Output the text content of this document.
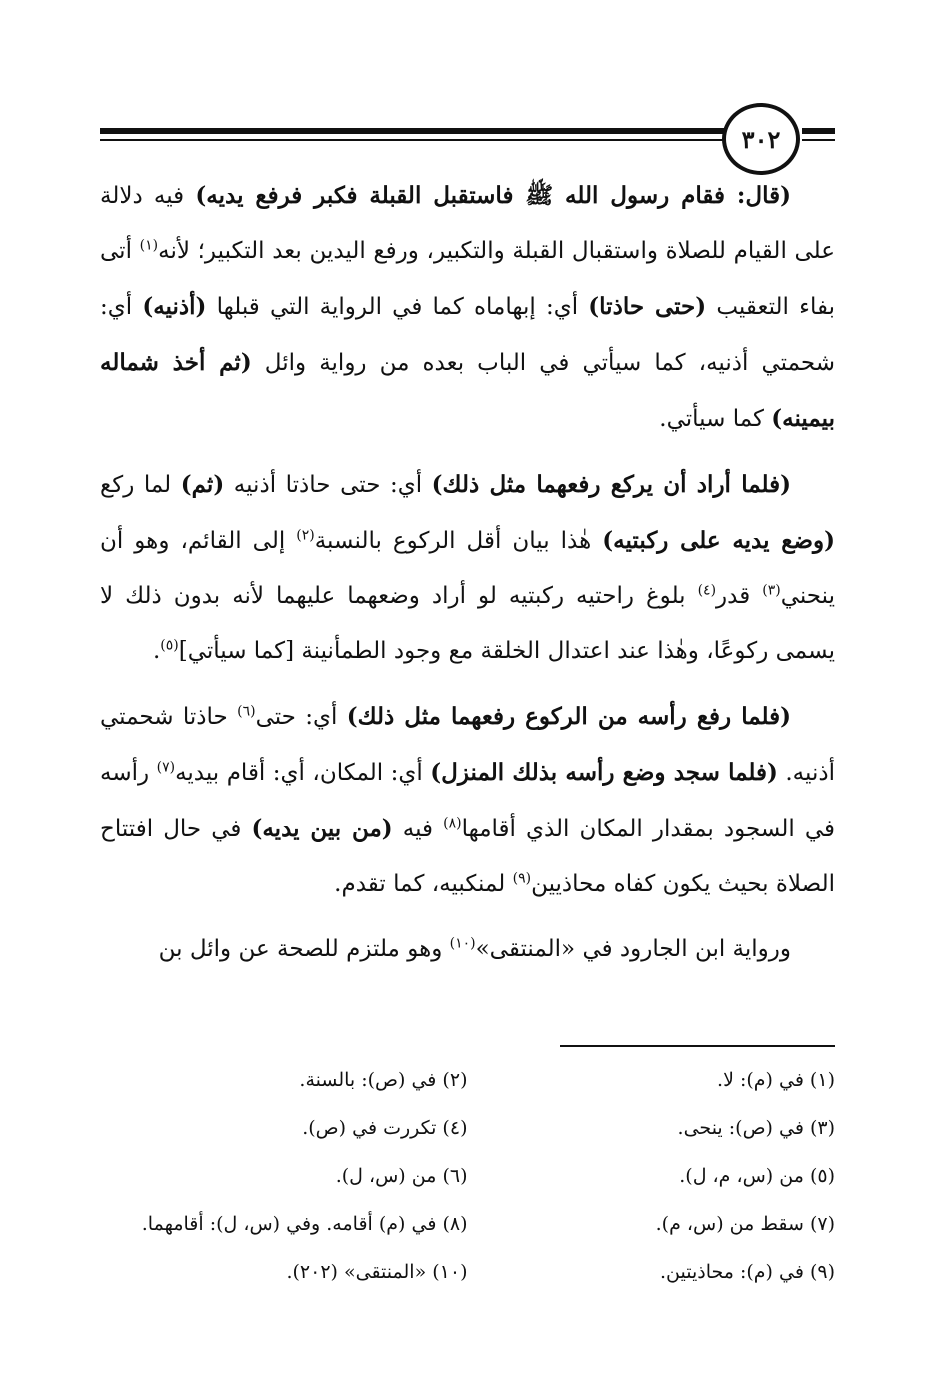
٣٠٢

(قال: فقام رسول الله ﷺ فاستقبل القبلة فكبر فرفع يديه) فيه دلالة على القيام للصلاة واستقبال القبلة والتكبير، ورفع اليدين بعد التكبير؛ لأنه$^{(١)}$ أتى بفاء التعقيب (حتى حاذتا) أي: إبهاماه كما في الرواية التي قبلها (أذنيه) أي: شحمتي أذنيه، كما سيأتي في الباب بعده من رواية وائل (ثم أخذ شماله بيمينه) كما سيأتي.

(فلما أراد أن يركع رفعهما مثل ذلك) أي: حتى حاذتا أذنيه (ثم) لما ركع (وضع يديه على ركبتيه) هٰذا بيان أقل الركوع بالنسبة$^{(٢)}$ إلى القائم، وهو أن ينحني$^{(٣)}$ قدر$^{(٤)}$ بلوغ راحتيه ركبتيه لو أراد وضعهما عليهما لأنه بدون ذلك لا يسمى ركوعًا، وهٰذا عند اعتدال الخلقة مع وجود الطمأنينة [كما سيأتي]$^{(٥)}$.

(فلما رفع رأسه من الركوع رفعهما مثل ذلك) أي: حتى$^{(٦)}$ حاذتا شحمتي أذنيه. (فلما سجد وضع رأسه بذلك المنزل) أي: المكان، أي: أقام بيديه$^{(٧)}$ رأسه في السجود بمقدار المكان الذي أقامها$^{(٨)}$ فيه (من بين يديه) في حال افتتاح الصلاة بحيث يكون كفاه محاذيين$^{(٩)}$ لمنكبيه، كما تقدم.

ورواية ابن الجارود في «المنتقى»$^{(١٠)}$ وهو ملتزم للصحة عن وائل بن

(١) في (م): لا.
(٢) في (ص): بالسنة.
(٣) في (ص): ينحى.
(٤) تكررت في (ص).
(٥) من (س، م، ل).
(٦) من (س، ل).
(٧) سقط من (س، م).
(٨) في (م) أقامه. وفي (س، ل): أقامهما.
(٩) في (م): محاذيتين.
(١٠) «المنتقى» (٢٠٢).
